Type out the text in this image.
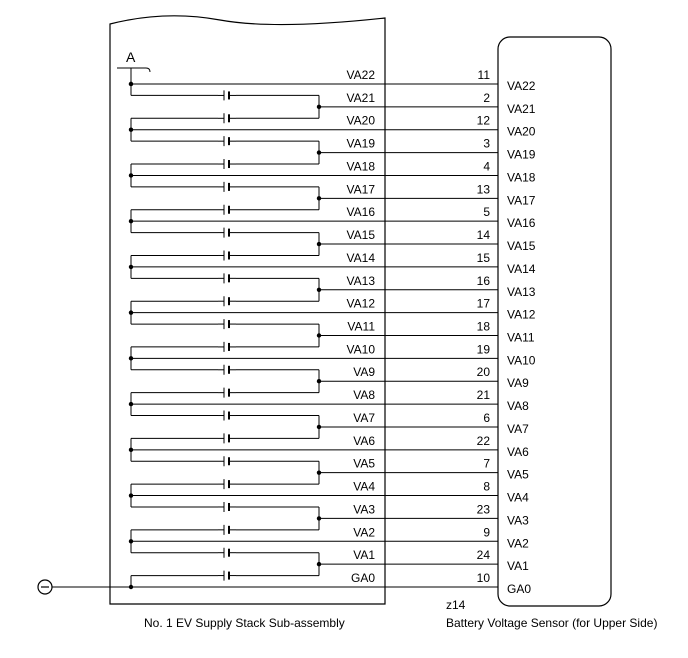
A
VA22	11
VA22
VA21	2
VA21
VA20	12
VA20
VA19	3
VA19
VA18	4
VA18
VA17	13
VA17
VA16	5
VA16
VA15	14
VA15
VA14	15
VA14
VA13	16
VA13
VA12	17
VA12
VA11	18
VA11
VA10	19
VA10
VA9	20
VA9
VA8	21
VA8
VA7	6
VA7
VA6	22
VA6
VA5	7
VA5
VA4	8
VA4
VA3	23
VA3
VA2	9
VA2
VA1	24
VA1
GA0	10
GA0
z14
No. 1 EV Supply Stack Sub-assembly	Battery Voltage Sensor (for Upper Side)
